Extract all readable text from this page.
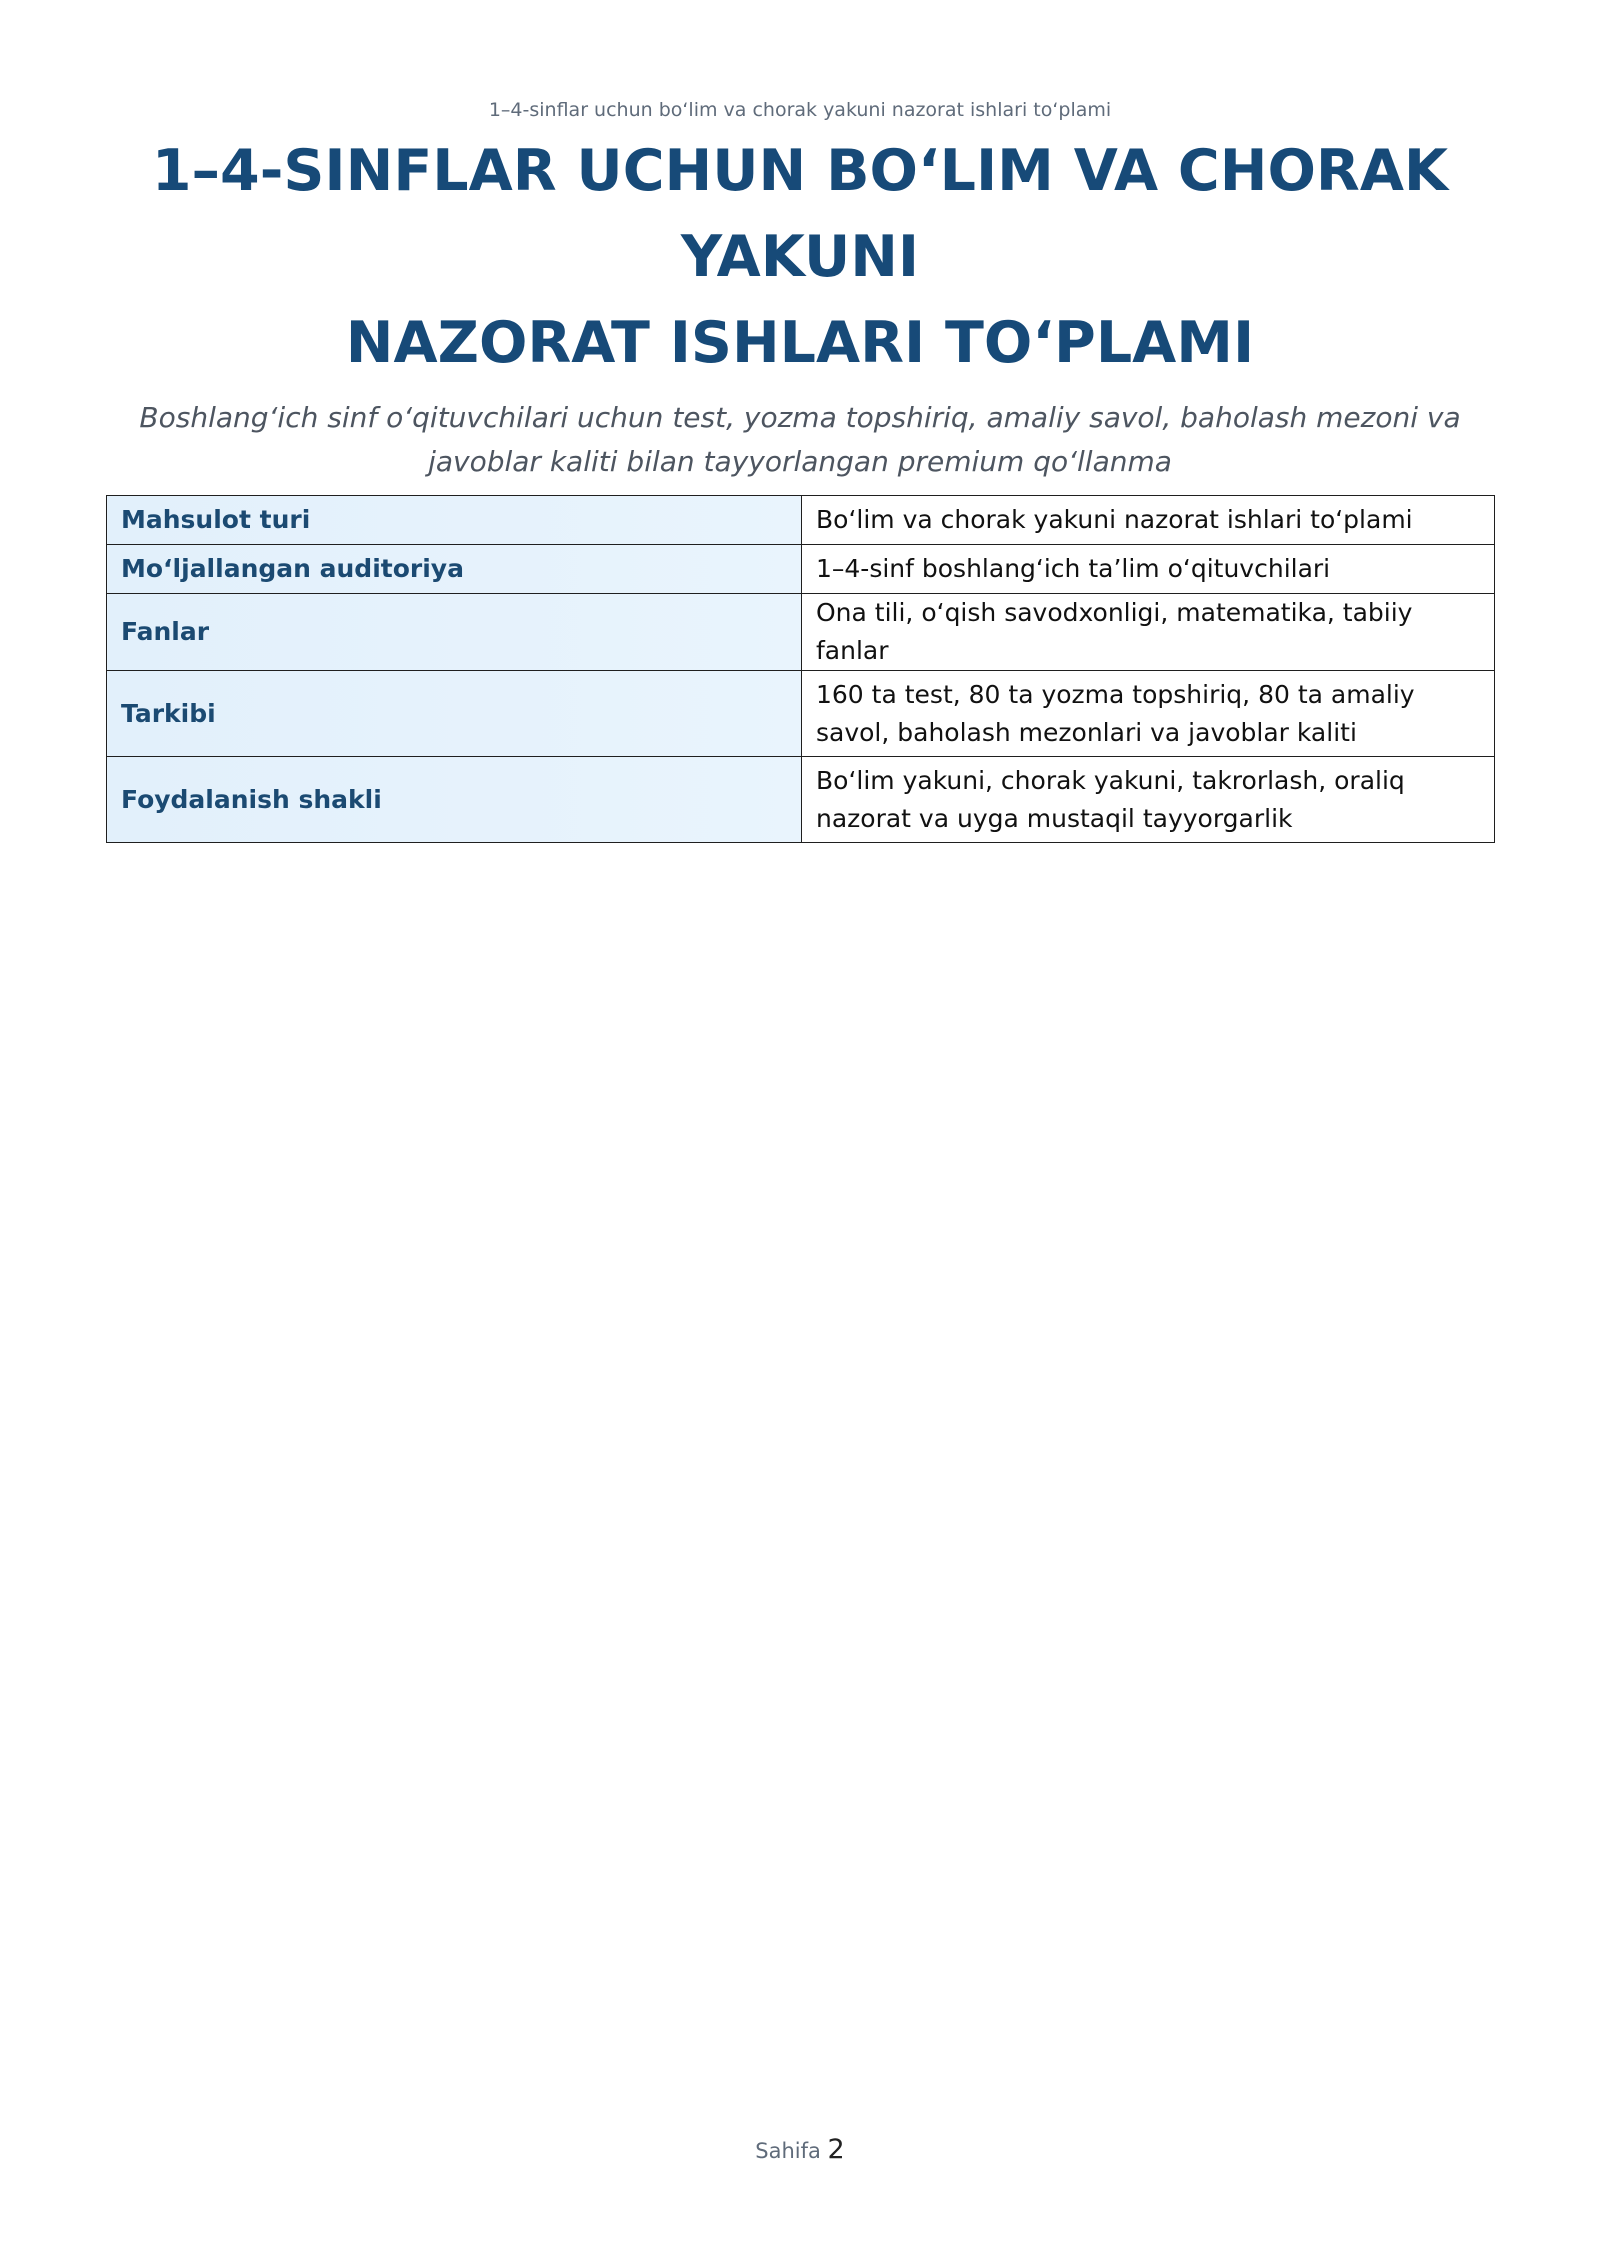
1–4-sinflar uchun bo‘lim va chorak yakuni nazorat ishlari to‘plami
1–4-SINFLAR UCHUN BO‘LIM VA CHORAK
YAKUNI
NAZORAT ISHLARI TO‘PLAMI

Boshlang‘ich sinf o‘qituvchilari uchun test, yozma topshiriq, amaliy savol, baholash mezoni va javoblar kaliti bilan tayyorlangan premium qo‘llanma

Mahsulot turi	Bo‘lim va chorak yakuni nazorat ishlari to‘plami
Mo‘ljallangan auditoriya	1–4-sinf boshlang‘ich ta’lim o‘qituvchilari
Fanlar	Ona tili, o‘qish savodxonligi, matematika, tabiiy fanlar
Tarkibi	160 ta test, 80 ta yozma topshiriq, 80 ta amaliy savol, baholash mezonlari va javoblar kaliti
Foydalanish shakli	Bo‘lim yakuni, chorak yakuni, takrorlash, oraliq nazorat va uyga mustaqil tayyorgarlik
Sahifa 2
